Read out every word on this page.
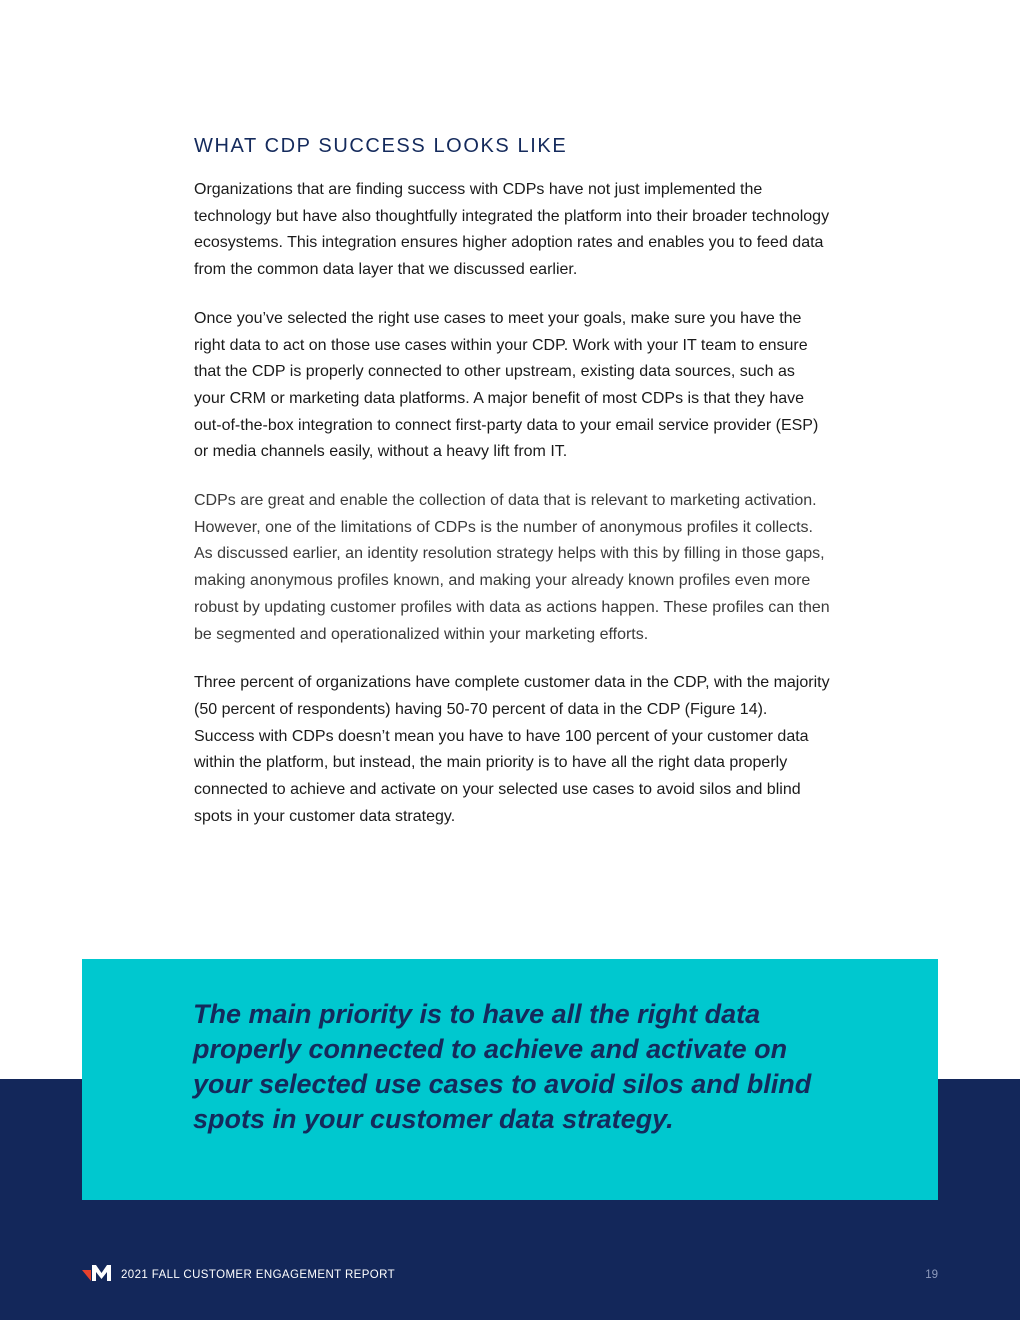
WHAT CDP SUCCESS LOOKS LIKE

Organizations that are finding success with CDPs have not just implemented the technology but have also thoughtfully integrated the platform into their broader technology ecosystems. This integration ensures higher adoption rates and enables you to feed data from the common data layer that we discussed earlier.

Once you’ve selected the right use cases to meet your goals, make sure you have the right data to act on those use cases within your CDP. Work with your IT team to ensure that the CDP is properly connected to other upstream, existing data sources, such as your CRM or marketing data platforms. A major benefit of most CDPs is that they have out-of-the-box integration to connect first-party data to your email service provider (ESP) or media channels easily, without a heavy lift from IT.

CDPs are great and enable the collection of data that is relevant to marketing activation. However, one of the limitations of CDPs is the number of anonymous profiles it collects. As discussed earlier, an identity resolution strategy helps with this by filling in those gaps, making anonymous profiles known, and making your already known profiles even more robust by updating customer profiles with data as actions happen. These profiles can then be segmented and operationalized within your marketing efforts.

Three percent of organizations have complete customer data in the CDP, with the majority (50 percent of respondents) having 50-70 percent of data in the CDP (Figure 14). Success with CDPs doesn’t mean you have to have 100 percent of your customer data within the platform, but instead, the main priority is to have all the right data properly connected to achieve and activate on your selected use cases to avoid silos and blind spots in your customer data strategy.

The main priority is to have all the right data properly connected to achieve and activate on your selected use cases to avoid silos and blind spots in your customer data strategy.

2021 FALL CUSTOMER ENGAGEMENT REPORT	19
